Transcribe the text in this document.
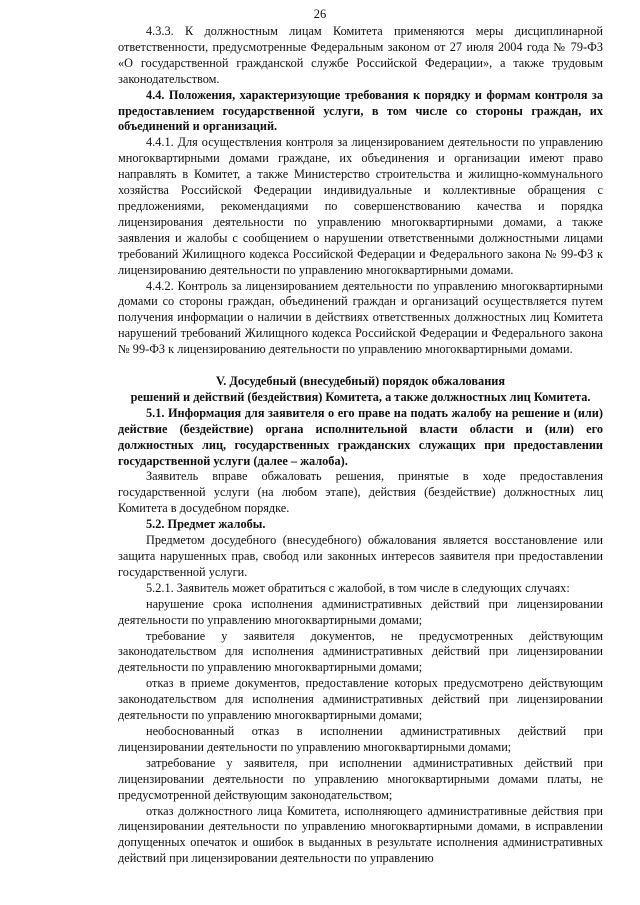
26

4.3.3. К должностным лицам Комитета применяются меры дисциплинарной ответственности, предусмотренные Федеральным законом от 27 июля 2004 года № 79-ФЗ «О государственной гражданской службе Российской Федерации», а также трудовым законодательством.

4.4. Положения, характеризующие требования к порядку и формам контроля за предоставлением государственной услуги, в том числе со стороны граждан, их объединений и организаций.

4.4.1. Для осуществления контроля за лицензированием деятельности по управлению многоквартирными домами граждане, их объединения и организации имеют право направлять в Комитет, а также Министерство строительства и жилищно-коммунального хозяйства Российской Федерации индивидуальные и коллективные обращения с предложениями, рекомендациями по совершенствованию качества и порядка лицензирования деятельности по управлению многоквартирными домами, а также заявления и жалобы с сообщением о нарушении ответственными должностными лицами требований Жилищного кодекса Российской Федерации и Федерального закона № 99-ФЗ к лицензированию деятельности по управлению многоквартирными домами.

4.4.2. Контроль за лицензированием деятельности по управлению многоквартирными домами со стороны граждан, объединений граждан и организаций осуществляется путем получения информации о наличии в действиях ответственных должностных лиц Комитета нарушений требований Жилищного кодекса Российской Федерации и Федерального закона № 99-ФЗ к лицензированию деятельности по управлению многоквартирными домами.

V. Досудебный (внесудебный) порядок обжалования

решений и действий (бездействия) Комитета, а также должностных лиц Комитета.

5.1. Информация для заявителя о его праве на подать жалобу на решение и (или) действие (бездействие) органа исполнительной власти области и (или) его должностных лиц, государственных гражданских служащих при предоставлении государственной услуги (далее – жалоба).

Заявитель вправе обжаловать решения, принятые в ходе предоставления государственной услуги (на любом этапе), действия (бездействие) должностных лиц Комитета в досудебном порядке.

5.2. Предмет жалобы.

Предметом досудебного (внесудебного) обжалования является восстановление или защита нарушенных прав, свобод или законных интересов заявителя при предоставлении государственной услуги.

5.2.1. Заявитель может обратиться с жалобой, в том числе в следующих случаях:

нарушение срока исполнения административных действий при лицензировании деятельности по управлению многоквартирными домами;

требование у заявителя документов, не предусмотренных действующим законодательством для исполнения административных действий при лицензировании деятельности по управлению многоквартирными домами;

отказ в приеме документов, предоставление которых предусмотрено действующим законодательством для исполнения административных действий при лицензировании деятельности по управлению многоквартирными домами;

необоснованный отказ в исполнении административных действий при лицензировании деятельности по управлению многоквартирными домами;

затребование у заявителя, при исполнении административных действий при лицензировании деятельности по управлению многоквартирными домами платы, не предусмотренной действующим законодательством;

отказ должностного лица Комитета, исполняющего административные действия при лицензировании деятельности по управлению многоквартирными домами, в исправлении допущенных опечаток и ошибок в выданных в результате исполнения административных действий при лицензировании деятельности по управлению
